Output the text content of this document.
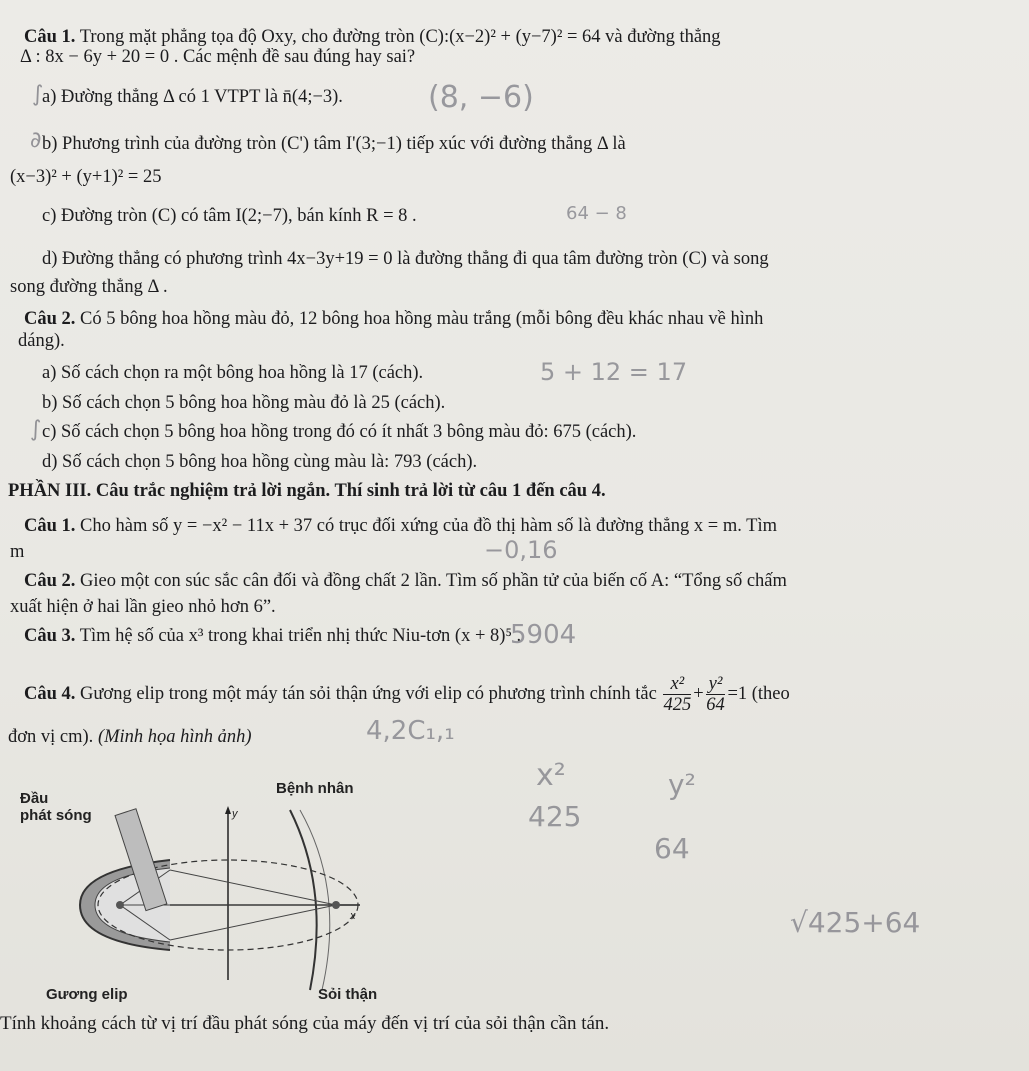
Câu 1. Trong mặt phẳng tọa độ Oxy, cho đường tròn (C):(x−2)² + (y−7)² = 64 và đường thẳng
Δ : 8x − 6y + 20 = 0 . Các mệnh đề sau đúng hay sai?
a) Đường thẳng Δ có 1 VTPT là n̄(4;−3).
b) Phương trình của đường tròn (C') tâm I'(3;−1) tiếp xúc với đường thẳng Δ là
(x−3)² + (y+1)² = 25
c) Đường tròn (C) có tâm I(2;−7), bán kính R = 8 .
d) Đường thẳng có phương trình 4x−3y+19 = 0 là đường thẳng đi qua tâm đường tròn (C) và song
song đường thẳng Δ .
Câu 2. Có 5 bông hoa hồng màu đỏ, 12 bông hoa hồng màu trắng (mỗi bông đều khác nhau về hình
dáng).
a) Số cách chọn ra một bông hoa hồng là 17 (cách).
b) Số cách chọn 5 bông hoa hồng màu đỏ là 25 (cách).
c) Số cách chọn 5 bông hoa hồng trong đó có ít nhất 3 bông màu đỏ: 675 (cách).
d) Số cách chọn 5 bông hoa hồng cùng màu là: 793 (cách).
PHẦN III. Câu trắc nghiệm trả lời ngắn. Thí sinh trả lời từ câu 1 đến câu 4.
Câu 1. Cho hàm số y = −x² − 11x + 37 có trục đối xứng của đồ thị hàm số là đường thẳng x = m. Tìm
m
Câu 2. Gieo một con súc sắc cân đối và đồng chất 2 lần. Tìm số phần tử của biến cố A: “Tổng số chấm
xuất hiện ở hai lần gieo nhỏ hơn 6”.
Câu 3. Tìm hệ số của x³ trong khai triển nhị thức Niu-tơn (x + 8)⁵ .
Câu 4. Gương elip trong một máy tán sỏi thận ứng với elip có phương trình chính tắc $\frac{\text{x²}}{425} + \frac{\text{y²}}{64} =1$ (theo
đơn vị cm). (Minh họa hình ảnh)
Đầu
phát sóng
Bệnh nhân
Gương elip	Sỏi thận
y
x
Tính khoảng cách từ vị trí đầu phát sóng của máy đến vị trí của sỏi thận cần tán.
(8, −6)
64 − 8
5 + 12 = 17
−0,16
5904
4,2C₁,₁
x²
425
y²
64
√425+64
∫
∂
∫
